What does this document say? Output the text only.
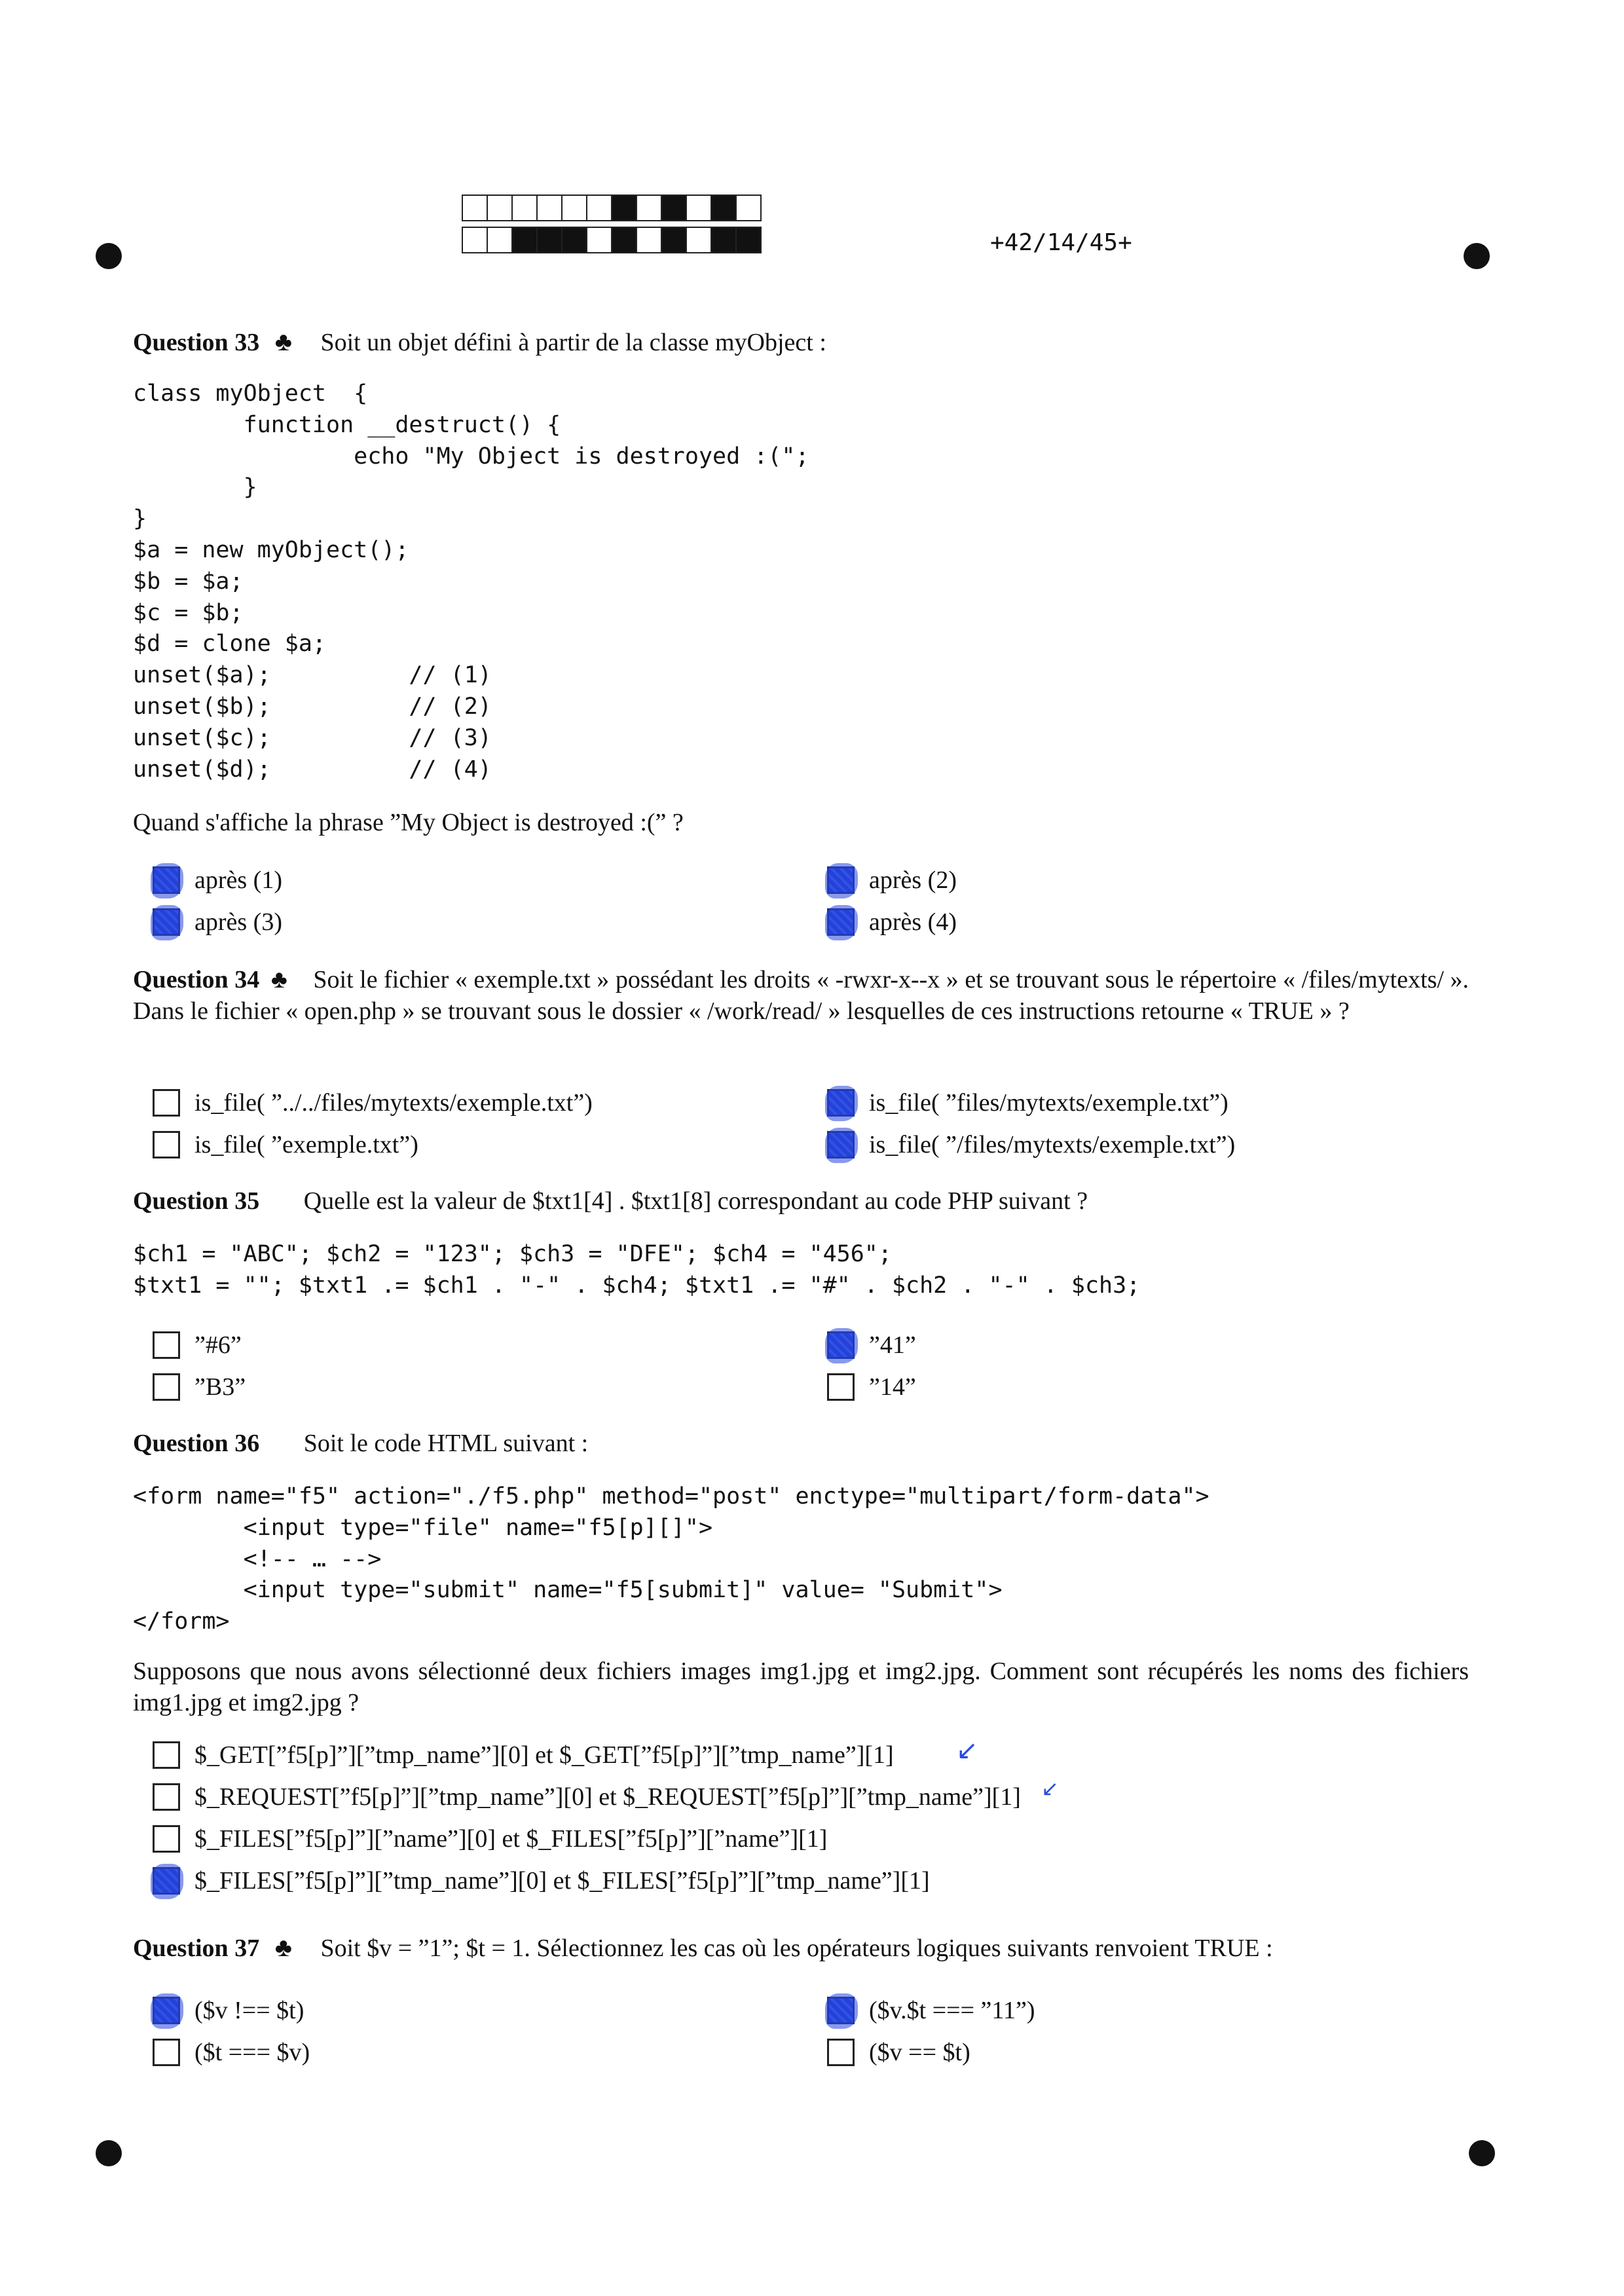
+42/14/45+
Question 33 ♣ Soit un objet défini à partir de la classe myObject :
class myObject  {
function __destruct() {
echo "My Object is destroyed :(";
}
}
$a = new myObject();
$b = $a;
$c = $b;
$d = clone $a;
unset($a);          // (1)
unset($b);          // (2)
unset($c);          // (3)
unset($d);          // (4)
Quand s'affiche la phrase ”My Object is destroyed :(” ?
après (1)	après (2)
après (3)	après (4)
Question 34 ♣ Soit le fichier « exemple.txt » possédant les droits « -rwxr-x--x » et se trouvant sous le répertoire « /files/mytexts/ ». Dans le fichier « open.php » se trouvant sous le dossier « /work/read/ » lesquelles de ces instructions retourne « TRUE » ?
is_file( ”../../files/mytexts/exemple.txt”)	is_file( ”files/mytexts/exemple.txt”)
is_file( ”exemple.txt”)	is_file( ”/files/mytexts/exemple.txt”)
Question 35 Quelle est la valeur de $txt1[4] . $txt1[8] correspondant au code PHP suivant ?
$ch1 = "ABC"; $ch2 = "123"; $ch3 = "DFE"; $ch4 = "456";
$txt1 = ""; $txt1 .= $ch1 . "-" . $ch4; $txt1 .= "#" . $ch2 . "-" . $ch3;
”#6”	”41”
”B3”	”14”
Question 36 Soit le code HTML suivant :
<form name="f5" action="./f5.php" method="post" enctype="multipart/form-data">
<input type="file" name="f5[p][]">
<!-- … -->
<input type="submit" name="f5[submit]" value= "Submit">
</form>
Supposons que nous avons sélectionné deux fichiers images img1.jpg et img2.jpg. Comment sont récupérés les noms des fichiers img1.jpg et img2.jpg ?
$_GET[”f5[p]”][”tmp_name”][0] et $_GET[”f5[p]”][”tmp_name”][1] ↙
$_REQUEST[”f5[p]”][”tmp_name”][0] et $_REQUEST[”f5[p]”][”tmp_name”][1] ↙
$_FILES[”f5[p]”][”name”][0] et $_FILES[”f5[p]”][”name”][1]
$_FILES[”f5[p]”][”tmp_name”][0] et $_FILES[”f5[p]”][”tmp_name”][1]
Question 37 ♣ Soit $v = ”1”; $t = 1. Sélectionnez les cas où les opérateurs logiques suivants renvoient TRUE :
($v !== $t)	($v.$t === ”11”)
($t === $v)	($v == $t)
